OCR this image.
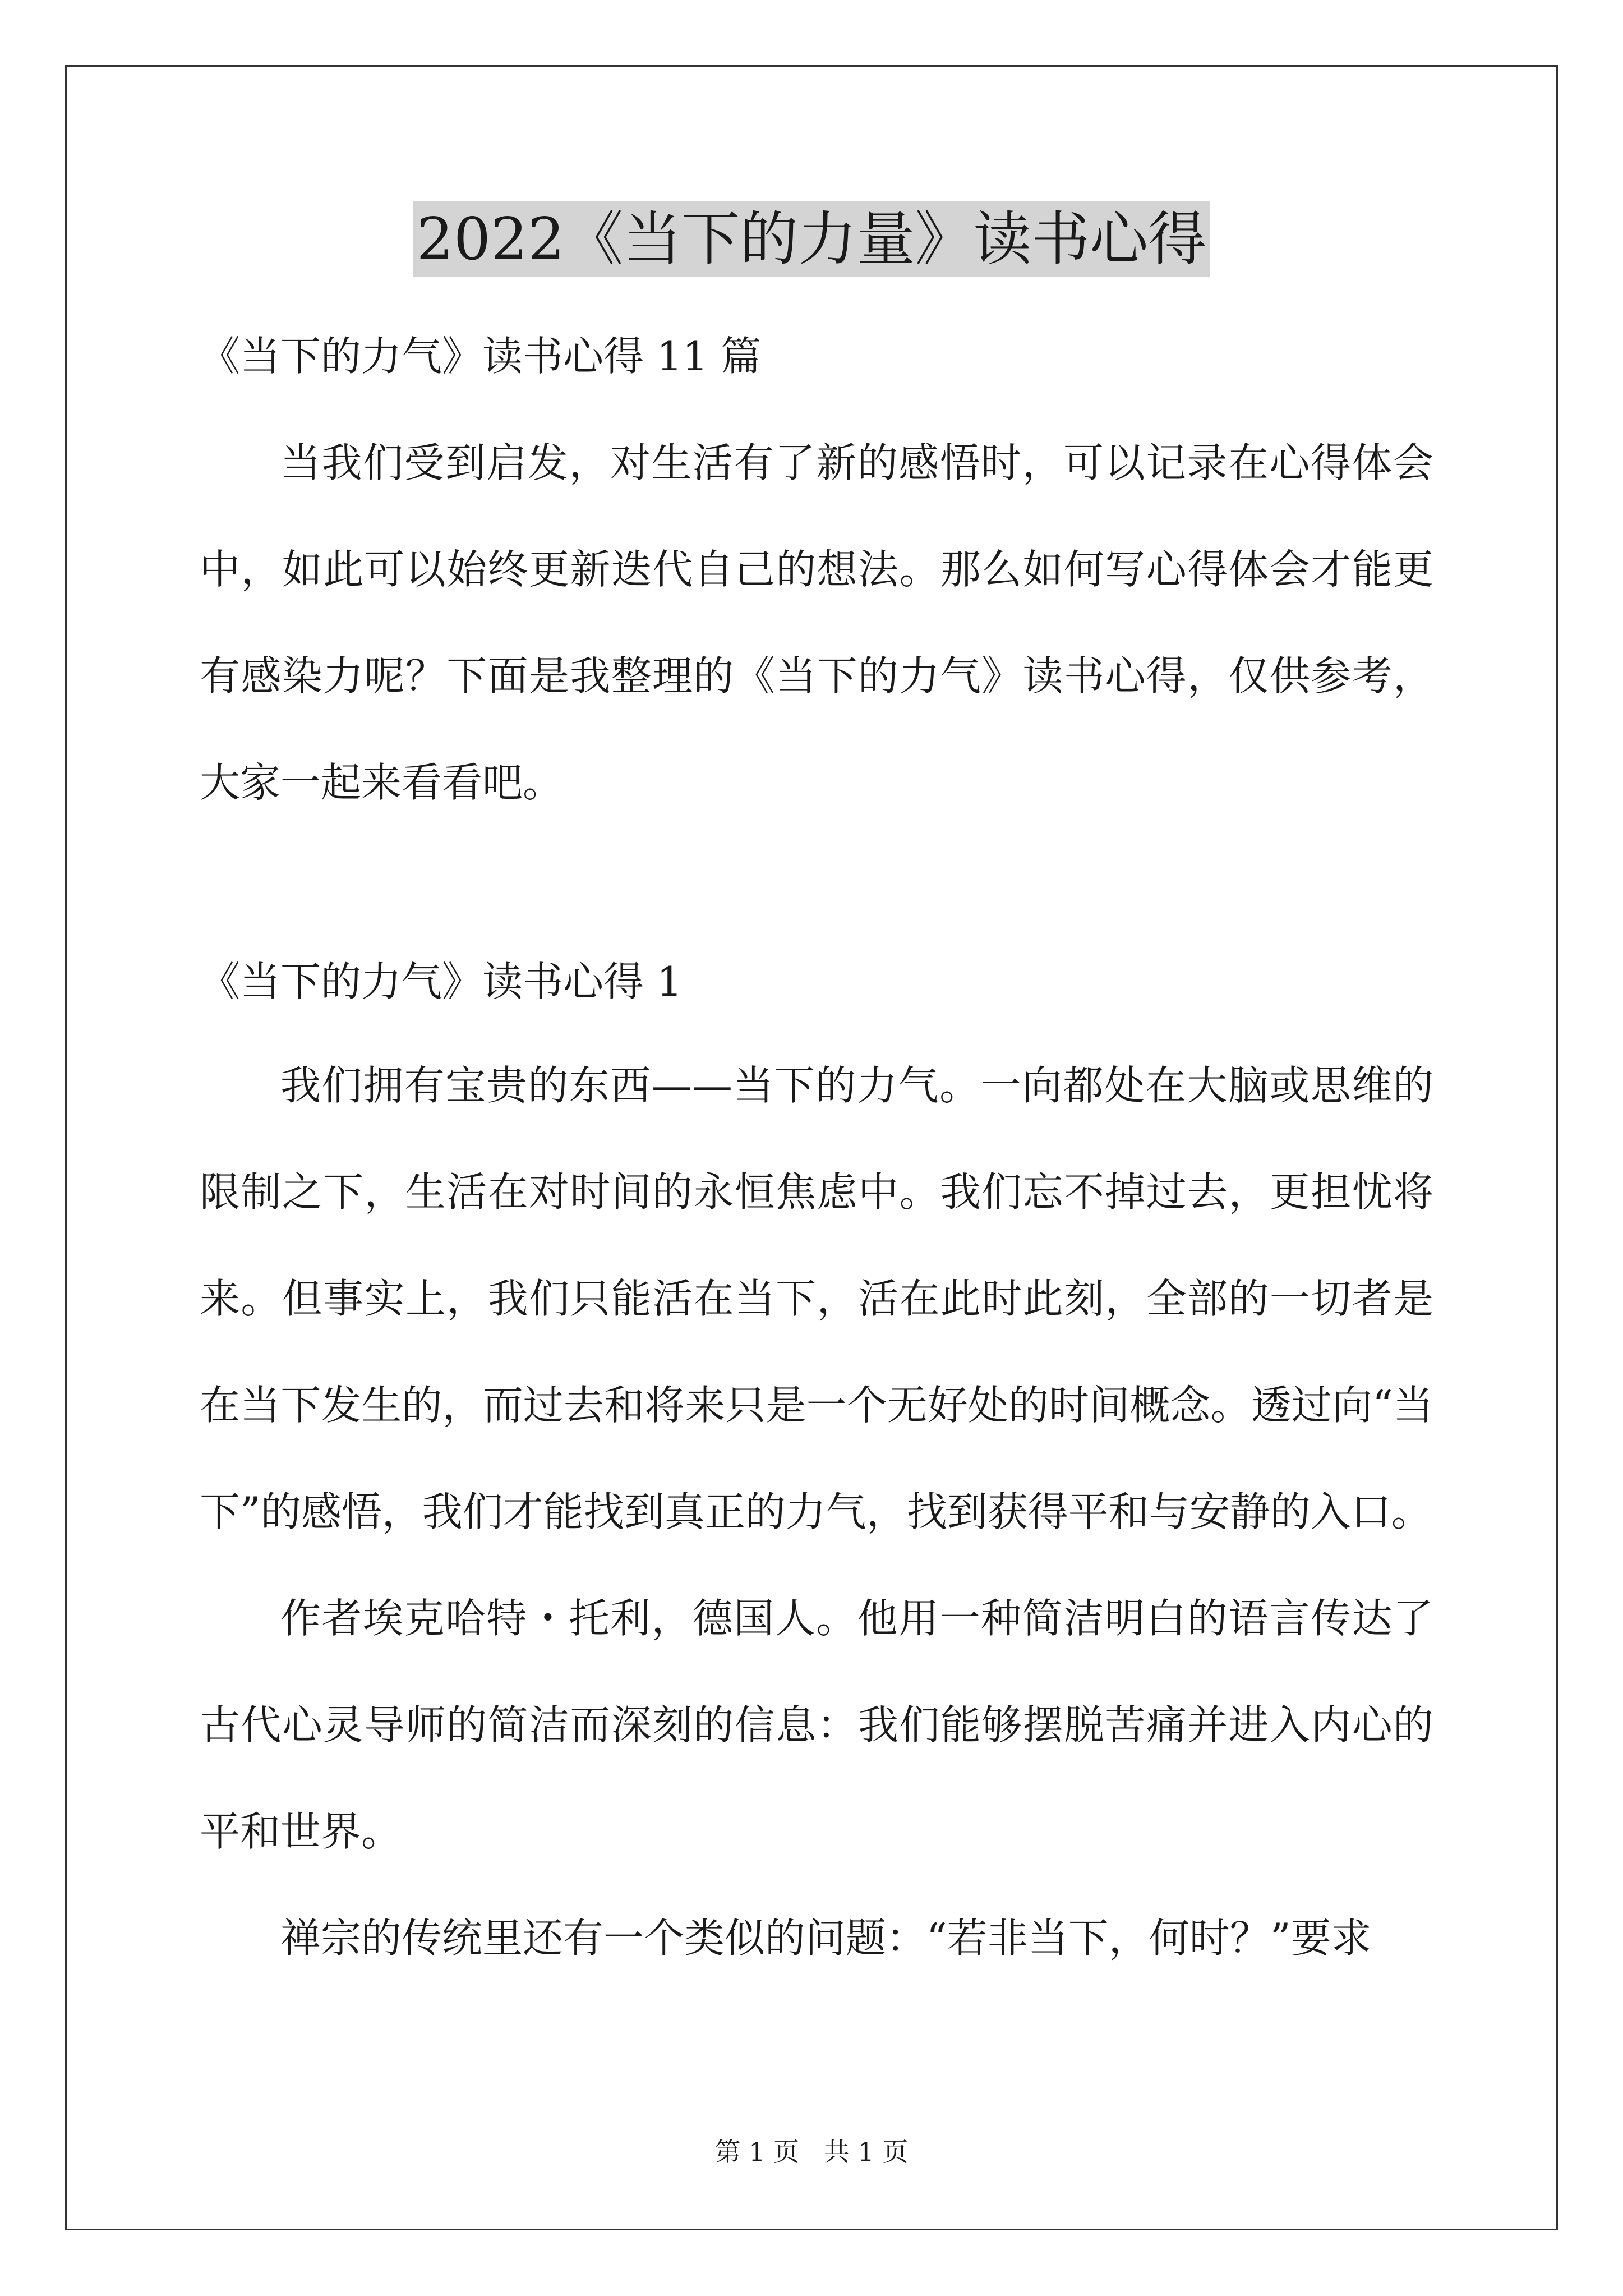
2022《当下的力量》读书心得

《当下的力气》读书心得 11 篇

当我们受到启发，对生活有了新的感悟时，可以记录在心得体会中，如此可以始终更新迭代自己的想法。那么如何写心得体会才能更有感染力呢？下面是我整理的《当下的力气》读书心得，仅供参考，大家一起来看看吧。

《当下的力气》读书心得 1

我们拥有宝贵的东西——当下的力气。一向都处在大脑或思维的限制之下，生活在对时间的永恒焦虑中。我们忘不掉过去，更担忧将来。但事实上，我们只能活在当下，活在此时此刻，全部的一切者是在当下发生的，而过去和将来只是一个无好处的时间概念。透过向“当下”的感悟，我们才能找到真正的力气，找到获得平和与安静的入口。

作者埃克哈特・托利，德国人。他用一种简洁明白的语言传达了古代心灵导师的简洁而深刻的信息：我们能够摆脱苦痛并进入内心的平和世界。

禅宗的传统里还有一个类似的问题：“若非当下，何时？”要求

第 1 页   共 1 页
